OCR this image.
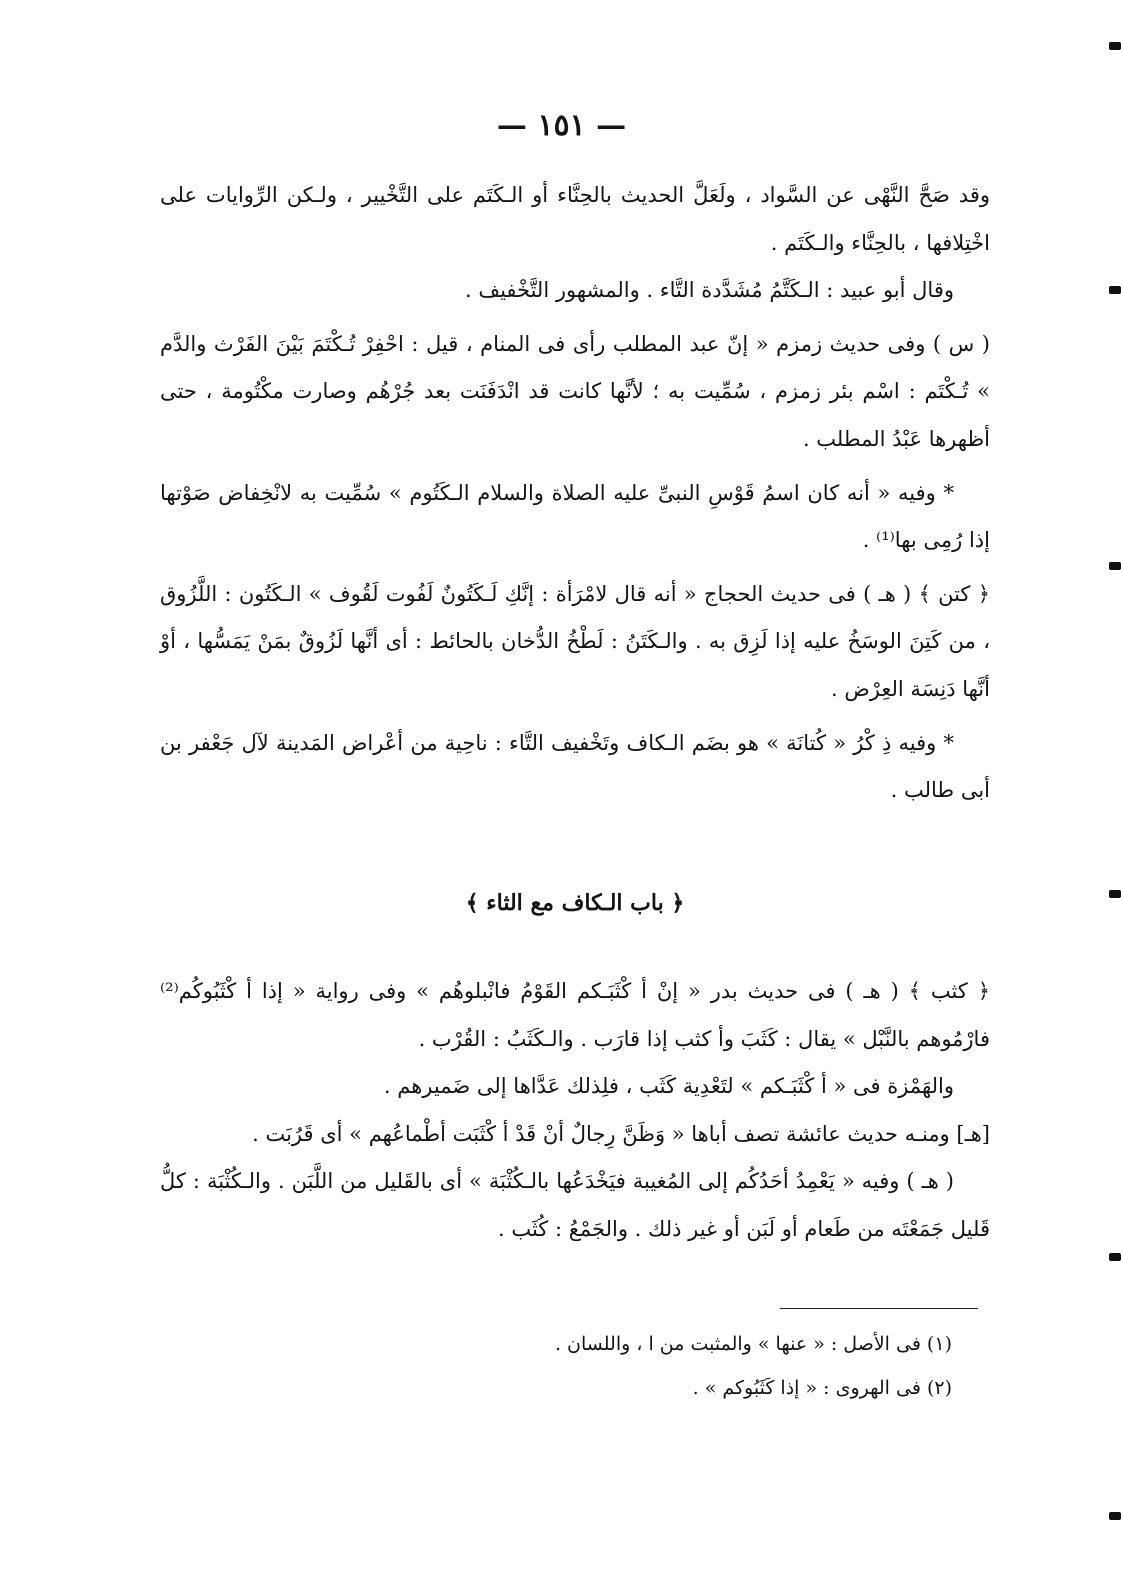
— ١٥١ —

وقد صَحَّ النَّهْى عن السَّواد ، ولَعَلَّ الحديث بالحِنَّاء أو الـكَتَم على التَّخْيير ، ولـكن الرِّوايات على اخْتِلافها ، بالحِنَّاء والـكَتَم .

وقال أبو عبيد : الـكَتَّمُ مُشَدَّدة التَّاء . والمشهور التَّخْفيف .

( س ) وفى حديث زمزم « إنّ عبد المطلب رأى فى المنام ، قيل : احْفِرْ تُـكْتَمَ بَيْنَ الفَرْث والدَّم » تُـكْتَم : اسْم بئر زمزم ، سُمِّيت به ؛ لأنَّها كانت قد انْدَفَنَت بعد جُرْهُم وصارت مكْتُومة ، حتى أظهرها عَبْدُ المطلب .

* وفيه « أنه كان اسمُ قَوْسِ النبىِّ عليه الصلاة والسلام الـكَتُوم » سُمِّيت به لانْخِفاض صَوْتها إذا رُمِى بها⁽¹⁾ .

﴿ كتن ﴾ ( هـ ) فى حديث الحجاج « أنه قال لامْرَأة : إنَّكِ لَـكَتُونٌ لَفُوت لَقُوف » الـكَتُون : اللَّزُوق ، من كَتِنَ الوسَخُ عليه إذا لَزِق به . والـكَتَنُ : لَطْخُ الدُّخان بالحائط : أى أنَّها لَزُوقٌ بمَنْ يَمَسُّها ، أوْ أنَّها دَنِسَة العِرْض .

* وفيه ذِ كْرُ « كُتانَة » هو بضَم الـكاف وتَخْفيف التَّاء : ناحِية من أعْراض المَدينة لآل جَعْفر بن أبى طالب .

﴿ باب الـكاف مع الثاء ﴾

﴿ كثب ﴾ ( هـ ) فى حديث بدر « إنْ أ كْثَبَـكم القَوْمُ فانْبلوهُم » وفى رواية « إذا أ كْثَبُوكُم⁽²⁾ فارْمُوهم بالنَّبْل » يقال : كَثَبَ وأ كثب إذا قارَب . والـكَثَبُ : القُرْب .

والهَمْزة فى « أ كْثَبَـكم » لتَعْدِية كَثَب ، فلِذلك عَدَّاها إلى ضَميرهم .

[هـ] ومنـه حديث عائشة تصف أباها « وَظَنَّ رِجالٌ أنْ قَدْ أ كْثَبَت أطْماعُهم » أى قَرُبَت .

( هـ ) وفيه « يَعْمِدُ أحَدُكُم إلى المُغيبة فيَخْدَعُها بالـكُثْبَة » أى بالقَليل من اللَّبَن . والـكُثْبَة : كلُّ قَليل جَمَعْتَه من طَعام أو لَبَن أو غير ذلك . والجَمْعُ : كُثَب .

(١) فى الأصل : « عنها » والمثبت من ا ، واللسان .

(٢) فى الهروى : « إذا كَثَبُوكم » .
